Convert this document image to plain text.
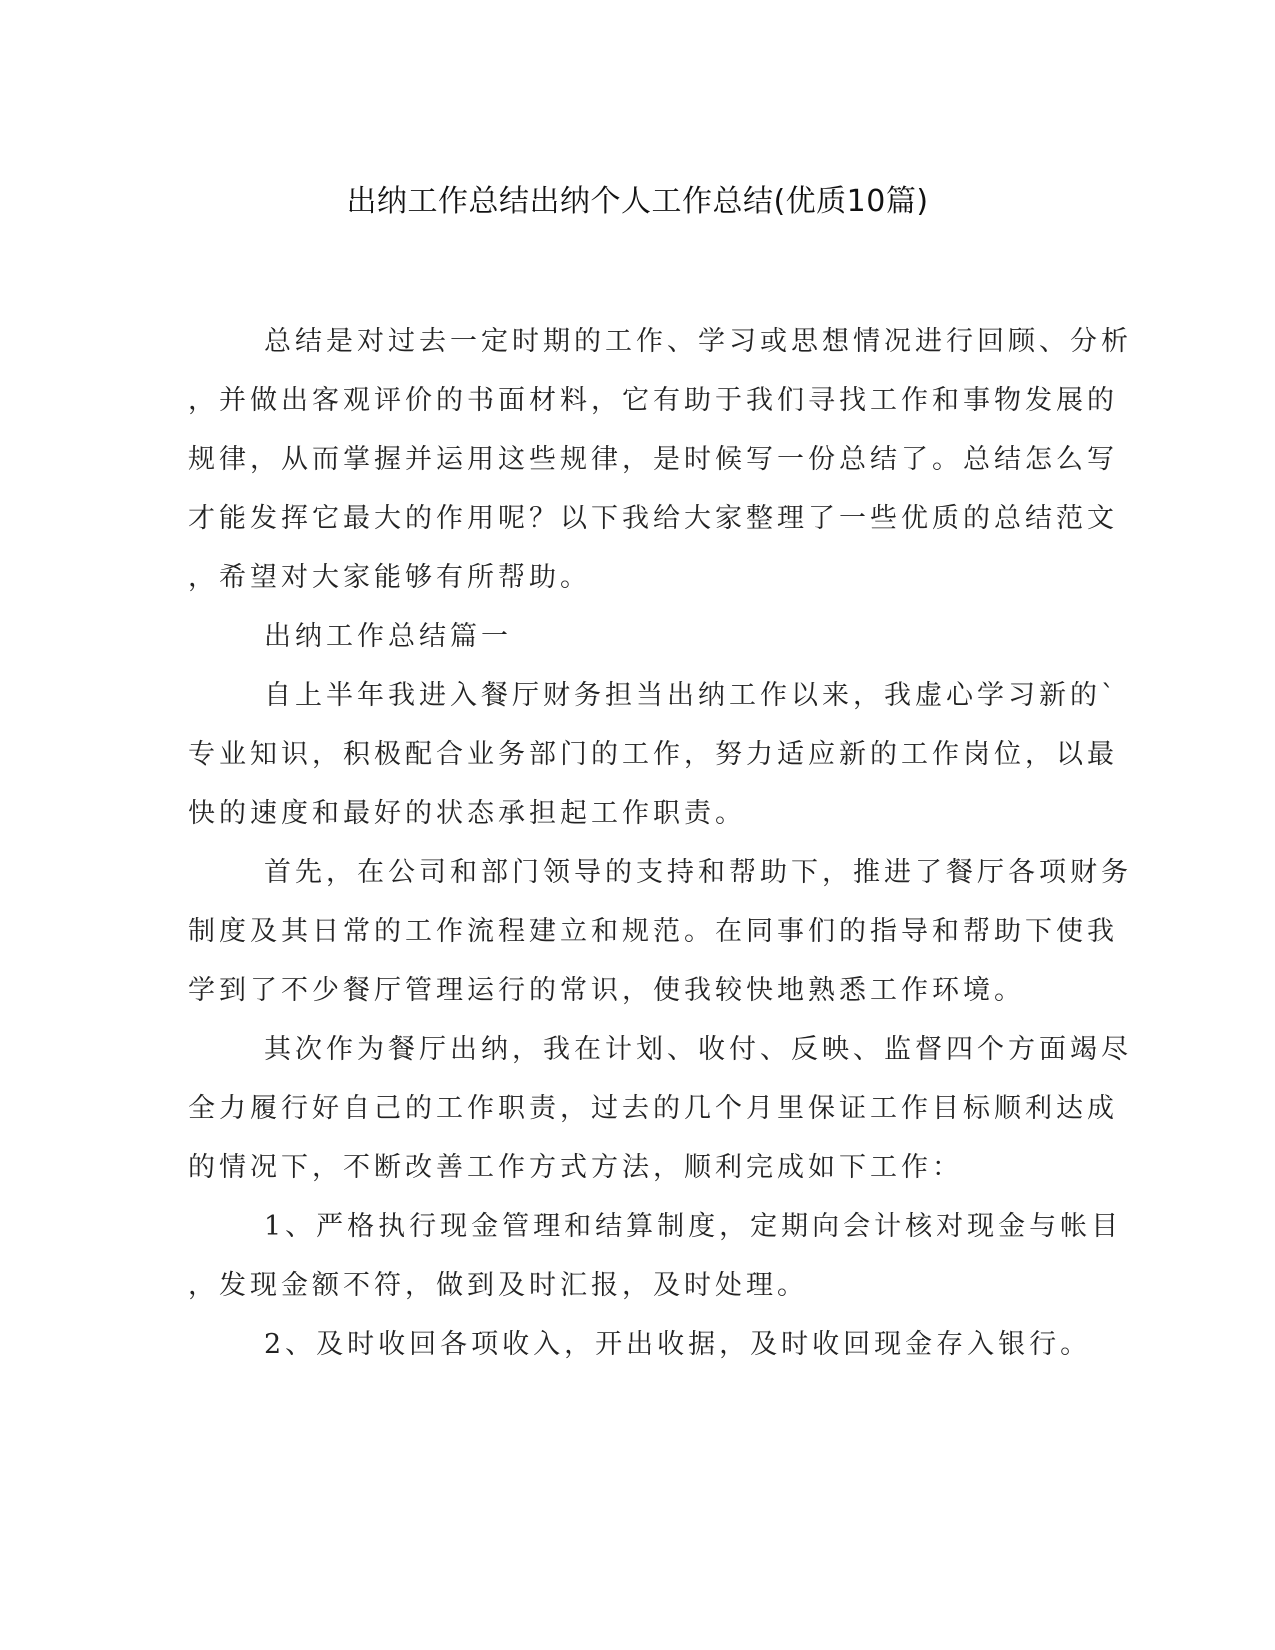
出纳工作总结出纳个人工作总结(优质10篇)
总结是对过去一定时期的工作、学习或思想情况进行回顾、分析
，并做出客观评价的书面材料，它有助于我们寻找工作和事物发展的
规律，从而掌握并运用这些规律，是时候写一份总结了。总结怎么写
才能发挥它最大的作用呢？以下我给大家整理了一些优质的总结范文
，希望对大家能够有所帮助。
出纳工作总结篇一
自上半年我进入餐厅财务担当出纳工作以来，我虚心学习新的`
专业知识，积极配合业务部门的工作，努力适应新的工作岗位，以最
快的速度和最好的状态承担起工作职责。
首先，在公司和部门领导的支持和帮助下，推进了餐厅各项财务
制度及其日常的工作流程建立和规范。在同事们的指导和帮助下使我
学到了不少餐厅管理运行的常识，使我较快地熟悉工作环境。
其次作为餐厅出纳，我在计划、收付、反映、监督四个方面竭尽
全力履行好自己的工作职责，过去的几个月里保证工作目标顺利达成
的情况下，不断改善工作方式方法，顺利完成如下工作：
1、严格执行现金管理和结算制度，定期向会计核对现金与帐目
，发现金额不符，做到及时汇报，及时处理。
2、及时收回各项收入，开出收据，及时收回现金存入银行。
